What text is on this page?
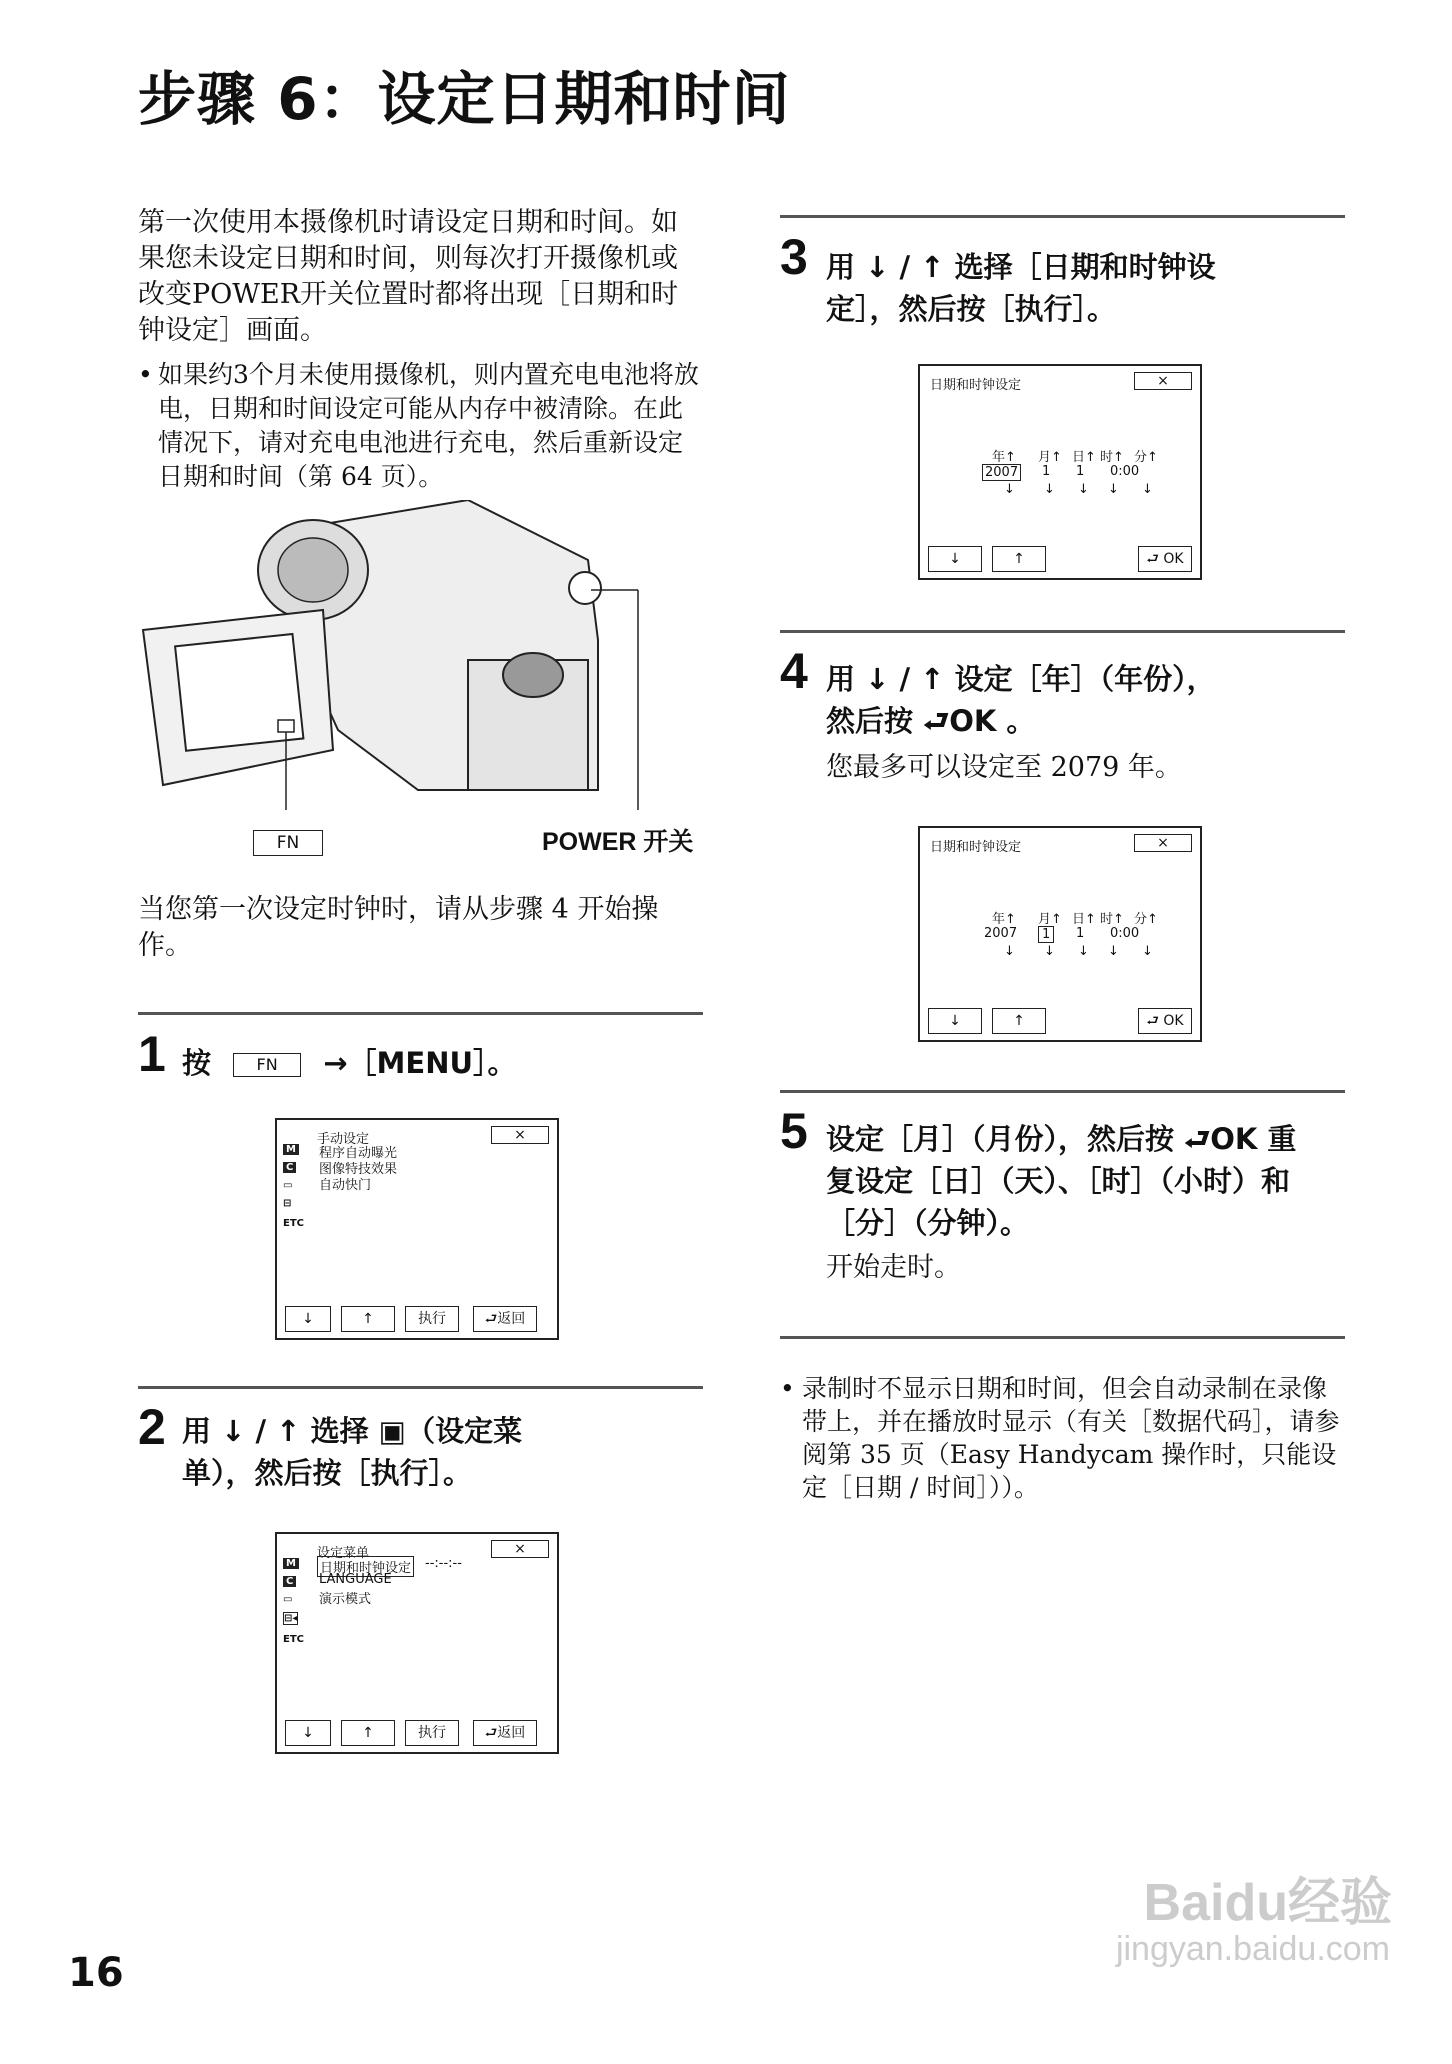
步骤 6：设定日期和时间
第一次使用本摄像机时请设定日期和时间。如果您未设定日期和时间，则每次打开摄像机或改变POWER开关位置时都将出现［日期和时钟设定］画面。
• 如果约3个月未使用摄像机，则内置充电电池将放电，日期和时间设定可能从内存中被清除。在此情况下，请对充电电池进行充电，然后重新设定日期和时间（第 64 页）。
FN	POWER 开关
当您第一次设定时钟时，请从步骤 4 开始操作。
1 按	FN →［MENU］。
手动设定	×
程序自动曝光
图像特技效果
自动快门
M
C
▭
⊟
ETC
↓	↑	执行	⮐返回
2 用 ↓ / ↑ 选择 ▣（设定菜
单），然后按［执行］。
设定菜单	×
日期和时钟设定 --:--:--
LANGUAGE
演示模式
M
C
▭
⊟◂
ETC
↓	↑	执行	⮐返回
3 用 ↓ / ↑ 选择［日期和时钟设
定］，然后按［执行］。
日期和时钟设定	×
年↑ 月↑ 日↑ 时↑ 分↑
2007 1 1 0:00
↓ ↓ ↓ ↓ ↓
↓	↑	⮐ OK
4 用 ↓ / ↑ 设定［年］（年份），
然后按 ⮐OK 。
您最多可以设定至 2079 年。
日期和时钟设定	×
年↑ 月↑ 日↑ 时↑ 分↑
2007	1	1 0:00
↓ ↓ ↓ ↓ ↓
↓	↑	⮐ OK
5 设定［月］（月份），然后按 ⮐OK 重
复设定［日］（天）、［时］（小时）和
［分］（分钟）。
开始走时。
• 录制时不显示日期和时间，但会自动录制在录像带上，并在播放时显示（有关［数据代码］，请参阅第 35 页（Easy Handycam 操作时，只能设定［日期 / 时间］））。
16
Baidu经验
jingyan.baidu.com
